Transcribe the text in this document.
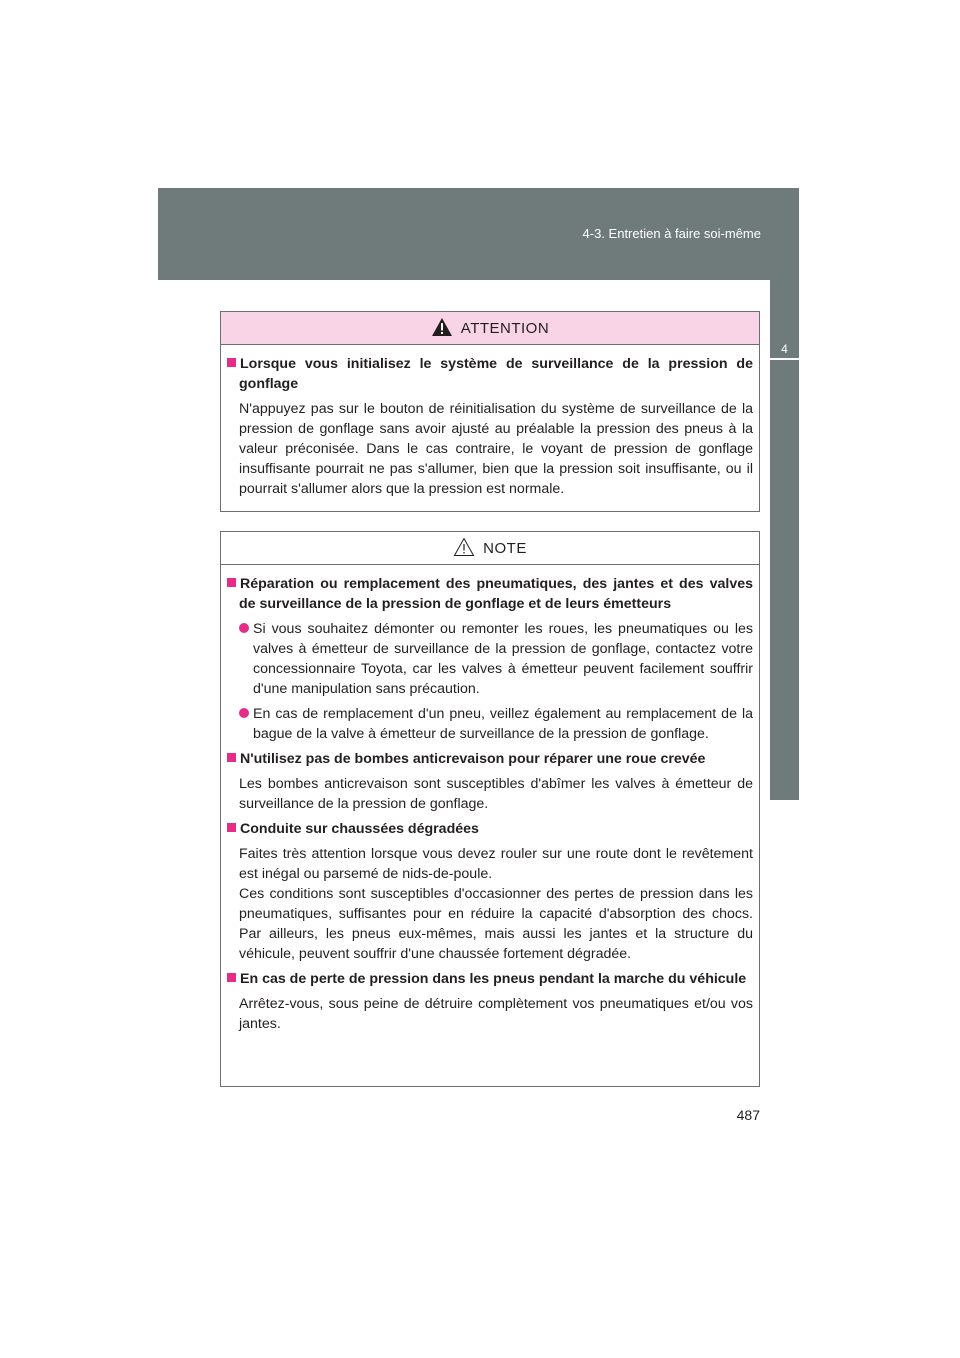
4-3. Entretien à faire soi-même
4
Entretien et soin
ATTENTION
Lorsque vous initialisez le système de surveillance de la pression de gonflage
N'appuyez pas sur le bouton de réinitialisation du système de surveillance de la pression de gonflage sans avoir ajusté au préalable la pression des pneus à la valeur préconisée. Dans le cas contraire, le voyant de pression de gonflage insuffisante pourrait ne pas s'allumer, bien que la pression soit insuffisante, ou il pourrait s'allumer alors que la pression est normale.
NOTE
Réparation ou remplacement des pneumatiques, des jantes et des valves de surveillance de la pression de gonflage et de leurs émetteurs
Si vous souhaitez démonter ou remonter les roues, les pneumatiques ou les valves à émetteur de surveillance de la pression de gonflage, contactez votre concessionnaire Toyota, car les valves à émetteur peuvent facilement souffrir d'une manipulation sans précaution.
En cas de remplacement d'un pneu, veillez également au remplacement de la bague de la valve à émetteur de surveillance de la pression de gonflage.
N'utilisez pas de bombes anticrevaison pour réparer une roue crevée
Les bombes anticrevaison sont susceptibles d'abîmer les valves à émetteur de surveillance de la pression de gonflage.
Conduite sur chaussées dégradées
Faites très attention lorsque vous devez rouler sur une route dont le revêtement est inégal ou parsemé de nids-de-poule.
Ces conditions sont susceptibles d'occasionner des pertes de pression dans les pneumatiques, suffisantes pour en réduire la capacité d'absorption des chocs. Par ailleurs, les pneus eux-mêmes, mais aussi les jantes et la structure du véhicule, peuvent souffrir d'une chaussée fortement dégradée.
En cas de perte de pression dans les pneus pendant la marche du véhicule
Arrêtez-vous, sous peine de détruire complètement vos pneumatiques et/ou vos jantes.
487
